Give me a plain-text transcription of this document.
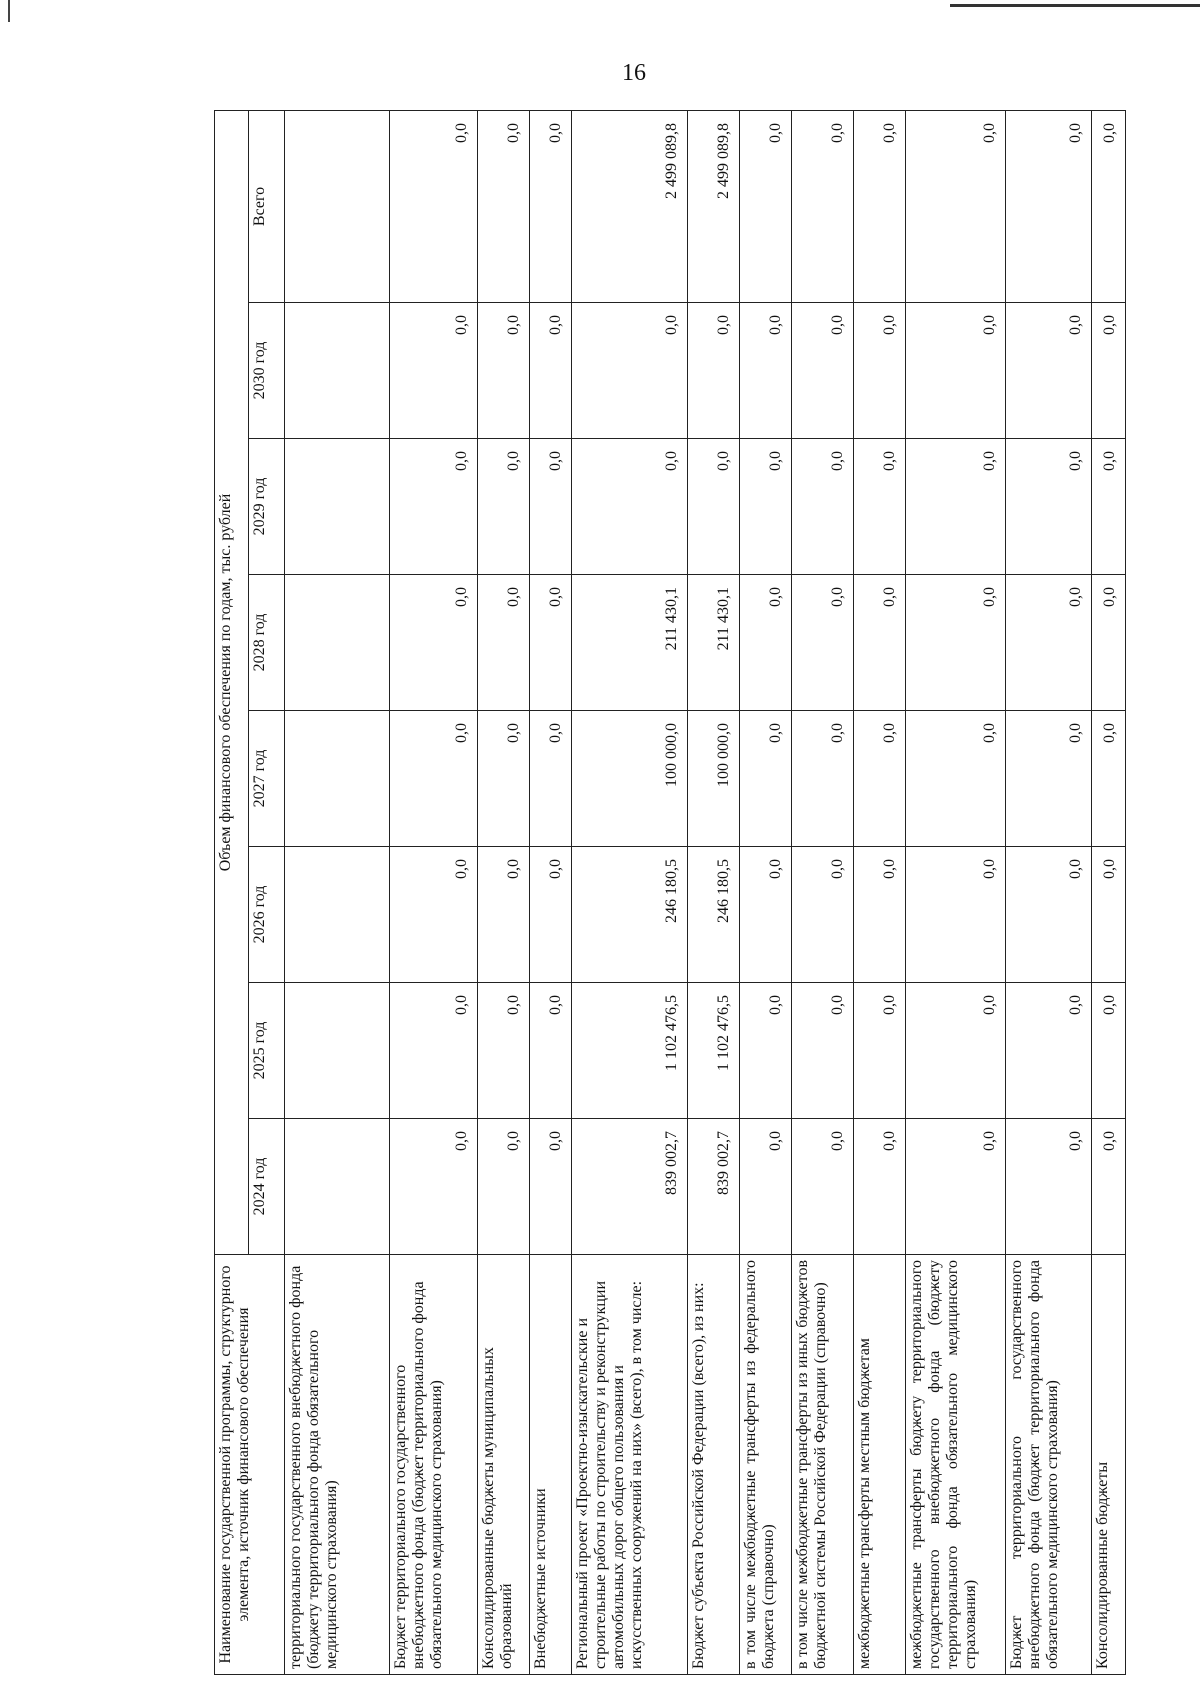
16
Наименование государственной программы, структурного элемента, источник финансового обеспечения	Объем финансового обеспечения по годам, тыс. рублей							
	2024 год	2025 год	2026 год	2027 год	2028 год	2029 год	2030 год	Всего
территориального государственного внебюджетного фонда (бюджету территориального фонда обязательного медицинского страхования)								
Бюджет территориального государственного внебюджетного фонда (бюджет территориального фонда обязательного медицинского страхования)	0,0	0,0	0,0	0,0	0,0	0,0	0,0	0,0
Консолидированные бюджеты муниципальных образований	0,0	0,0	0,0	0,0	0,0	0,0	0,0	0,0
Внебюджетные источники	0,0	0,0	0,0	0,0	0,0	0,0	0,0	0,0
Региональный проект «Проектно-изыскательские и строительные работы по строительству и реконструкции автомобильных дорог общего пользования и искусственных сооружений на них» (всего), в том числе:	839 002,7	1 102 476,5	246 180,5	100 000,0	211 430,1	0,0	0,0	2 499 089,8
Бюджет субъекта Российской Федерации (всего), из них:	839 002,7	1 102 476,5	246 180,5	100 000,0	211 430,1	0,0	0,0	2 499 089,8
в том числе межбюджетные трансферты из федерального бюджета (справочно)	0,0	0,0	0,0	0,0	0,0	0,0	0,0	0,0
в том числе межбюджетные трансферты из иных бюджетов бюджетной системы Российской Федерации (справочно)	0,0	0,0	0,0	0,0	0,0	0,0	0,0	0,0
межбюджетные трансферты местным бюджетам	0,0	0,0	0,0	0,0	0,0	0,0	0,0	0,0
межбюджетные трансферты бюджету территориального государственного внебюджетного фонда (бюджету территориального фонда обязательного медицинского страхования)	0,0	0,0	0,0	0,0	0,0	0,0	0,0	0,0
Бюджет территориального государственного внебюджетного фонда (бюджет территориального фонда обязательного медицинского страхования)	0,0	0,0	0,0	0,0	0,0	0,0	0,0	0,0
Консолидированные бюджеты	0,0	0,0	0,0	0,0	0,0	0,0	0,0	0,0
